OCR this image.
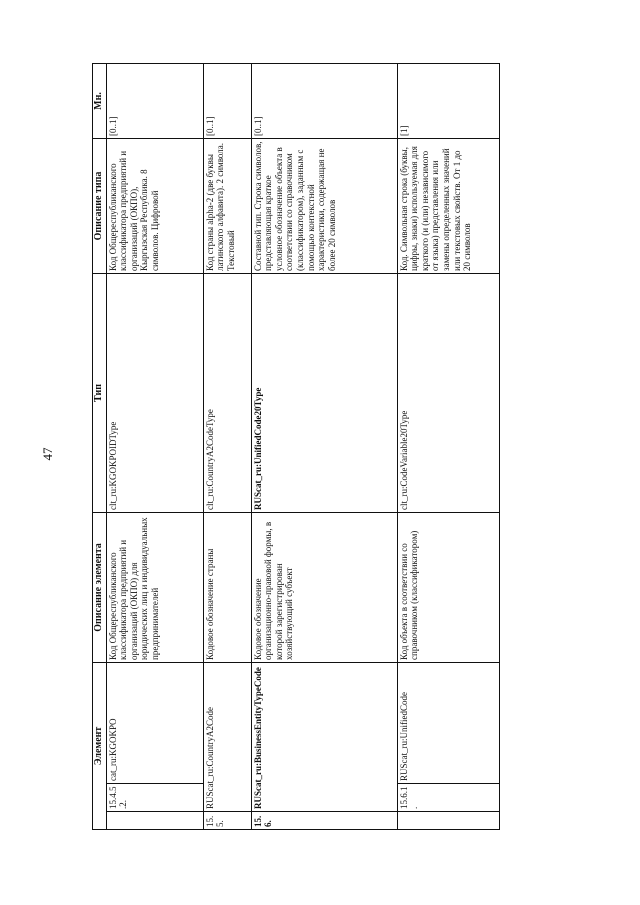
47
Элемент			Описание элемента	Тип	Описание типа	Мн.
	15.4.5.2.	cat_ru:KGOKPO	Код Общереспубликанского классификатора предприятий и организаций (ОКПО) для юридических лиц и индивидуальных предпринимателей	clt_ru:KGOKPOIDType	Код Общереспубликанского классификатора предприятий и организаций (ОКПО), Кыргызская Республика. 8 символов. Цифровой	[0..1]
15.5.	RUScat_ru:CountryA2Code		Кодовое обозначение страны	clt_ru:CountryA2CodeType	Код страны alpha-2 (две буквы латинского алфавита). 2 символа. Текстовый	[0..1]
15.6.	RUScat_ru:BusinessEntityTypeCode		Кодовое обозначение организационно-правовой формы, в которой зарегистрирован хозяйствующий субъект	RUScat_ru:UnifiedCode20Type	Составной тип. Строка символов, представляющая краткое условное обозначение объекта в соответствии со справочником (классификатором), заданным с помощью контекстной характеристики, содержащая не более 20 символов	[0..1]
	15.6.1.	RUScat_ru:UnifiedCode	Код объекта в соответствии со справочником (классификатором)	clt_ru:CodeVariable20Type	Код. Символьная строка (буквы, цифры, знаки) используемая для краткого (и (или) независимого от языка) представления или замены определенных значений или текстовых свойств. От 1 до 20 символов	[1]
